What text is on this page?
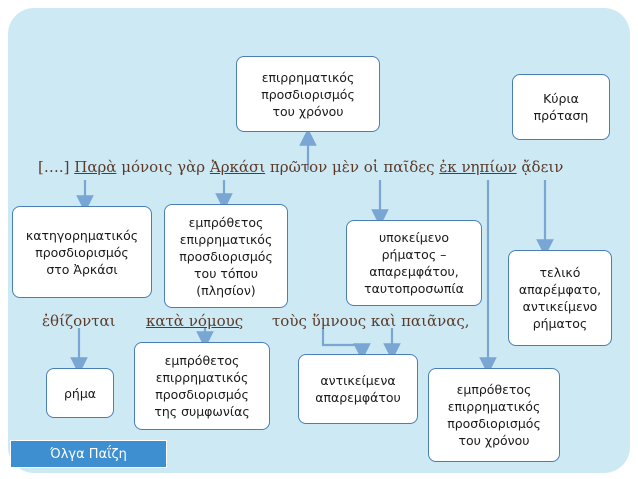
επιρρηματικός
προσδιορισμός
του χρόνου
Κύρια
πρόταση
κατηγορηματικός
προσδιορισμός
στο Ἀρκάσι
εμπρόθετος
επιρρηματικός
προσδιορισμός
του τόπου
(πλησίον)
υποκείμενο
ρήματος –
απαρεμφάτου,
ταυτοπροσωπία
τελικό
απαρέμφατο,
αντικείμενο
ρήματος
ρήμα
εμπρόθετος
επιρρηματικός
προσδιορισμός
της συμφωνίας
αντικείμενα
απαρεμφάτου
εμπρόθετος
επιρρηματικός
προσδιορισμός
του χρόνου
[….] Παρὰ μόνοις γὰρ Ἀρκάσι πρῶτον μὲν οἱ παῖδες ἐκ νηπίων ᾄδειν
ἐθίζονται κατὰ νόμους τοὺς ὕμνους καὶ παιᾶνας,
Όλγα Παΐζη
